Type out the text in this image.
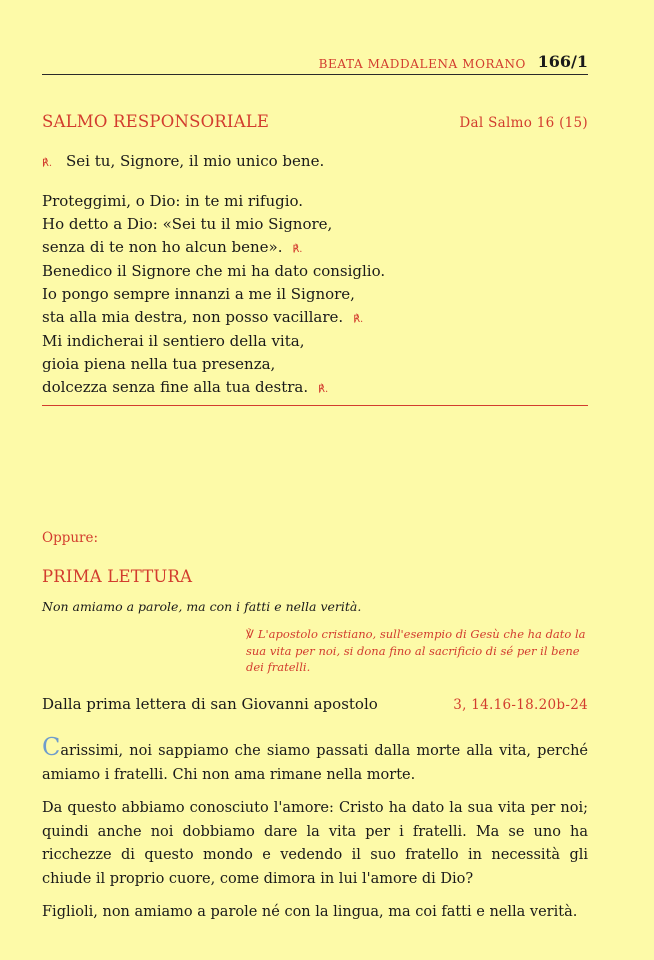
BEATA MADDALENA MORANO 166/1
SALMO RESPONSORIALE	Dal Salmo 16 (15)
℟. Sei tu, Signore, il mio unico bene.
Proteggimi, o Dio: in te mi rifugio.
Ho detto a Dio: «Sei tu il mio Signore,
senza di te non ho alcun bene». ℟.
Benedico il Signore che mi ha dato consiglio.
Io pongo sempre innanzi a me il Signore,
sta alla mia destra, non posso vacillare. ℟.
Mi indicherai il sentiero della vita,
gioia piena nella tua presenza,
dolcezza senza fine alla tua destra. ℟.
Oppure:
PRIMA LETTURA
Non amiamo a parole, ma con i fatti e nella verità.
℣ L'apostolo cristiano, sull'esempio di Gesù che ha dato la sua vita per noi, si dona fino al sacrificio di sé per il bene dei fratelli.
Dalla prima lettera di san Giovanni apostolo	3, 14.16-18.20b-24

Carissimi, noi sappiamo che siamo passati dalla morte alla vita, perché amiamo i fratelli. Chi non ama rimane nella morte.

Da questo abbiamo conosciuto l'amore: Cristo ha dato la sua vita per noi; quindi anche noi dobbiamo dare la vita per i fratelli. Ma se uno ha ricchezze di questo mondo e vedendo il suo fratello in necessità gli chiude il proprio cuore, come dimora in lui l'amore di Dio?

Figlioli, non amiamo a parole né con la lingua, ma coi fatti e nella verità.
